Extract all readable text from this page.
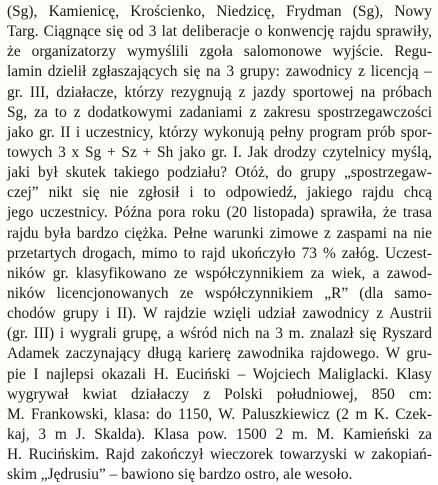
(Sg), Kamienicę, Krościenko, Niedzicę, Frydman (Sg), Nowy
Targ. Ciągnące się od 3 lat deliberacje o konwencję rajdu sprawiły,
że organizatorzy wymyślili zgoła salomonowe wyjście. Regu-
lamin dzielił zgłaszających się na 3 grupy: zawodnicy z licencją –
gr. III, działacze, którzy rezygnują z jazdy sportowej na próbach
Sg, za to z dodatkowymi zadaniami z zakresu spostrzegawczości
jako gr. II i uczestnicy, którzy wykonują pełny program prób spor-
towych 3 x Sg + Sz + Sh jako gr. I. Jak drodzy czytelnicy myślą,
jaki był skutek takiego podziału? Otóż, do grupy „spostrzegaw-
czej” nikt się nie zgłosił i to odpowiedź, jakiego rajdu chcą
jego uczestnicy. Późna pora roku (20 listopada) sprawiła, że trasa
rajdu była bardzo ciężka. Pełne warunki zimowe z zaspami na nie
przetartych drogach, mimo to rajd ukończyło 73 % załóg. Uczest-
ników gr. klasyfikowano ze współczynnikiem za wiek, a zawod-
ników licencjonowanych ze współczynnikiem „R” (dla samo-
chodów grupy i II). W rajdzie wzięli udział zawodnicy z Austrii
(gr. III) i wygrali grupę, a wśród nich na 3 m. znalazł się Ryszard
Adamek zaczynający długą karierę zawodnika rajdowego. W gru-
pie I najlepsi okazali H. Euciński – Wojciech Maliglacki. Klasy
wygrywał kwiat działaczy z Polski południowej, 850 cm:
M. Frankowski, klasa: do 1150, W. Paluszkiewicz (2 m K. Czek-
kaj, 3 m J. Skalda). Klasa pow. 1500 2 m. M. Kamieński za
H. Rucińskim. Rajd zakończył wieczorek towarzyski w zakopiań-
skim „Jędrusiu” – bawiono się bardzo ostro, ale wesoło.
